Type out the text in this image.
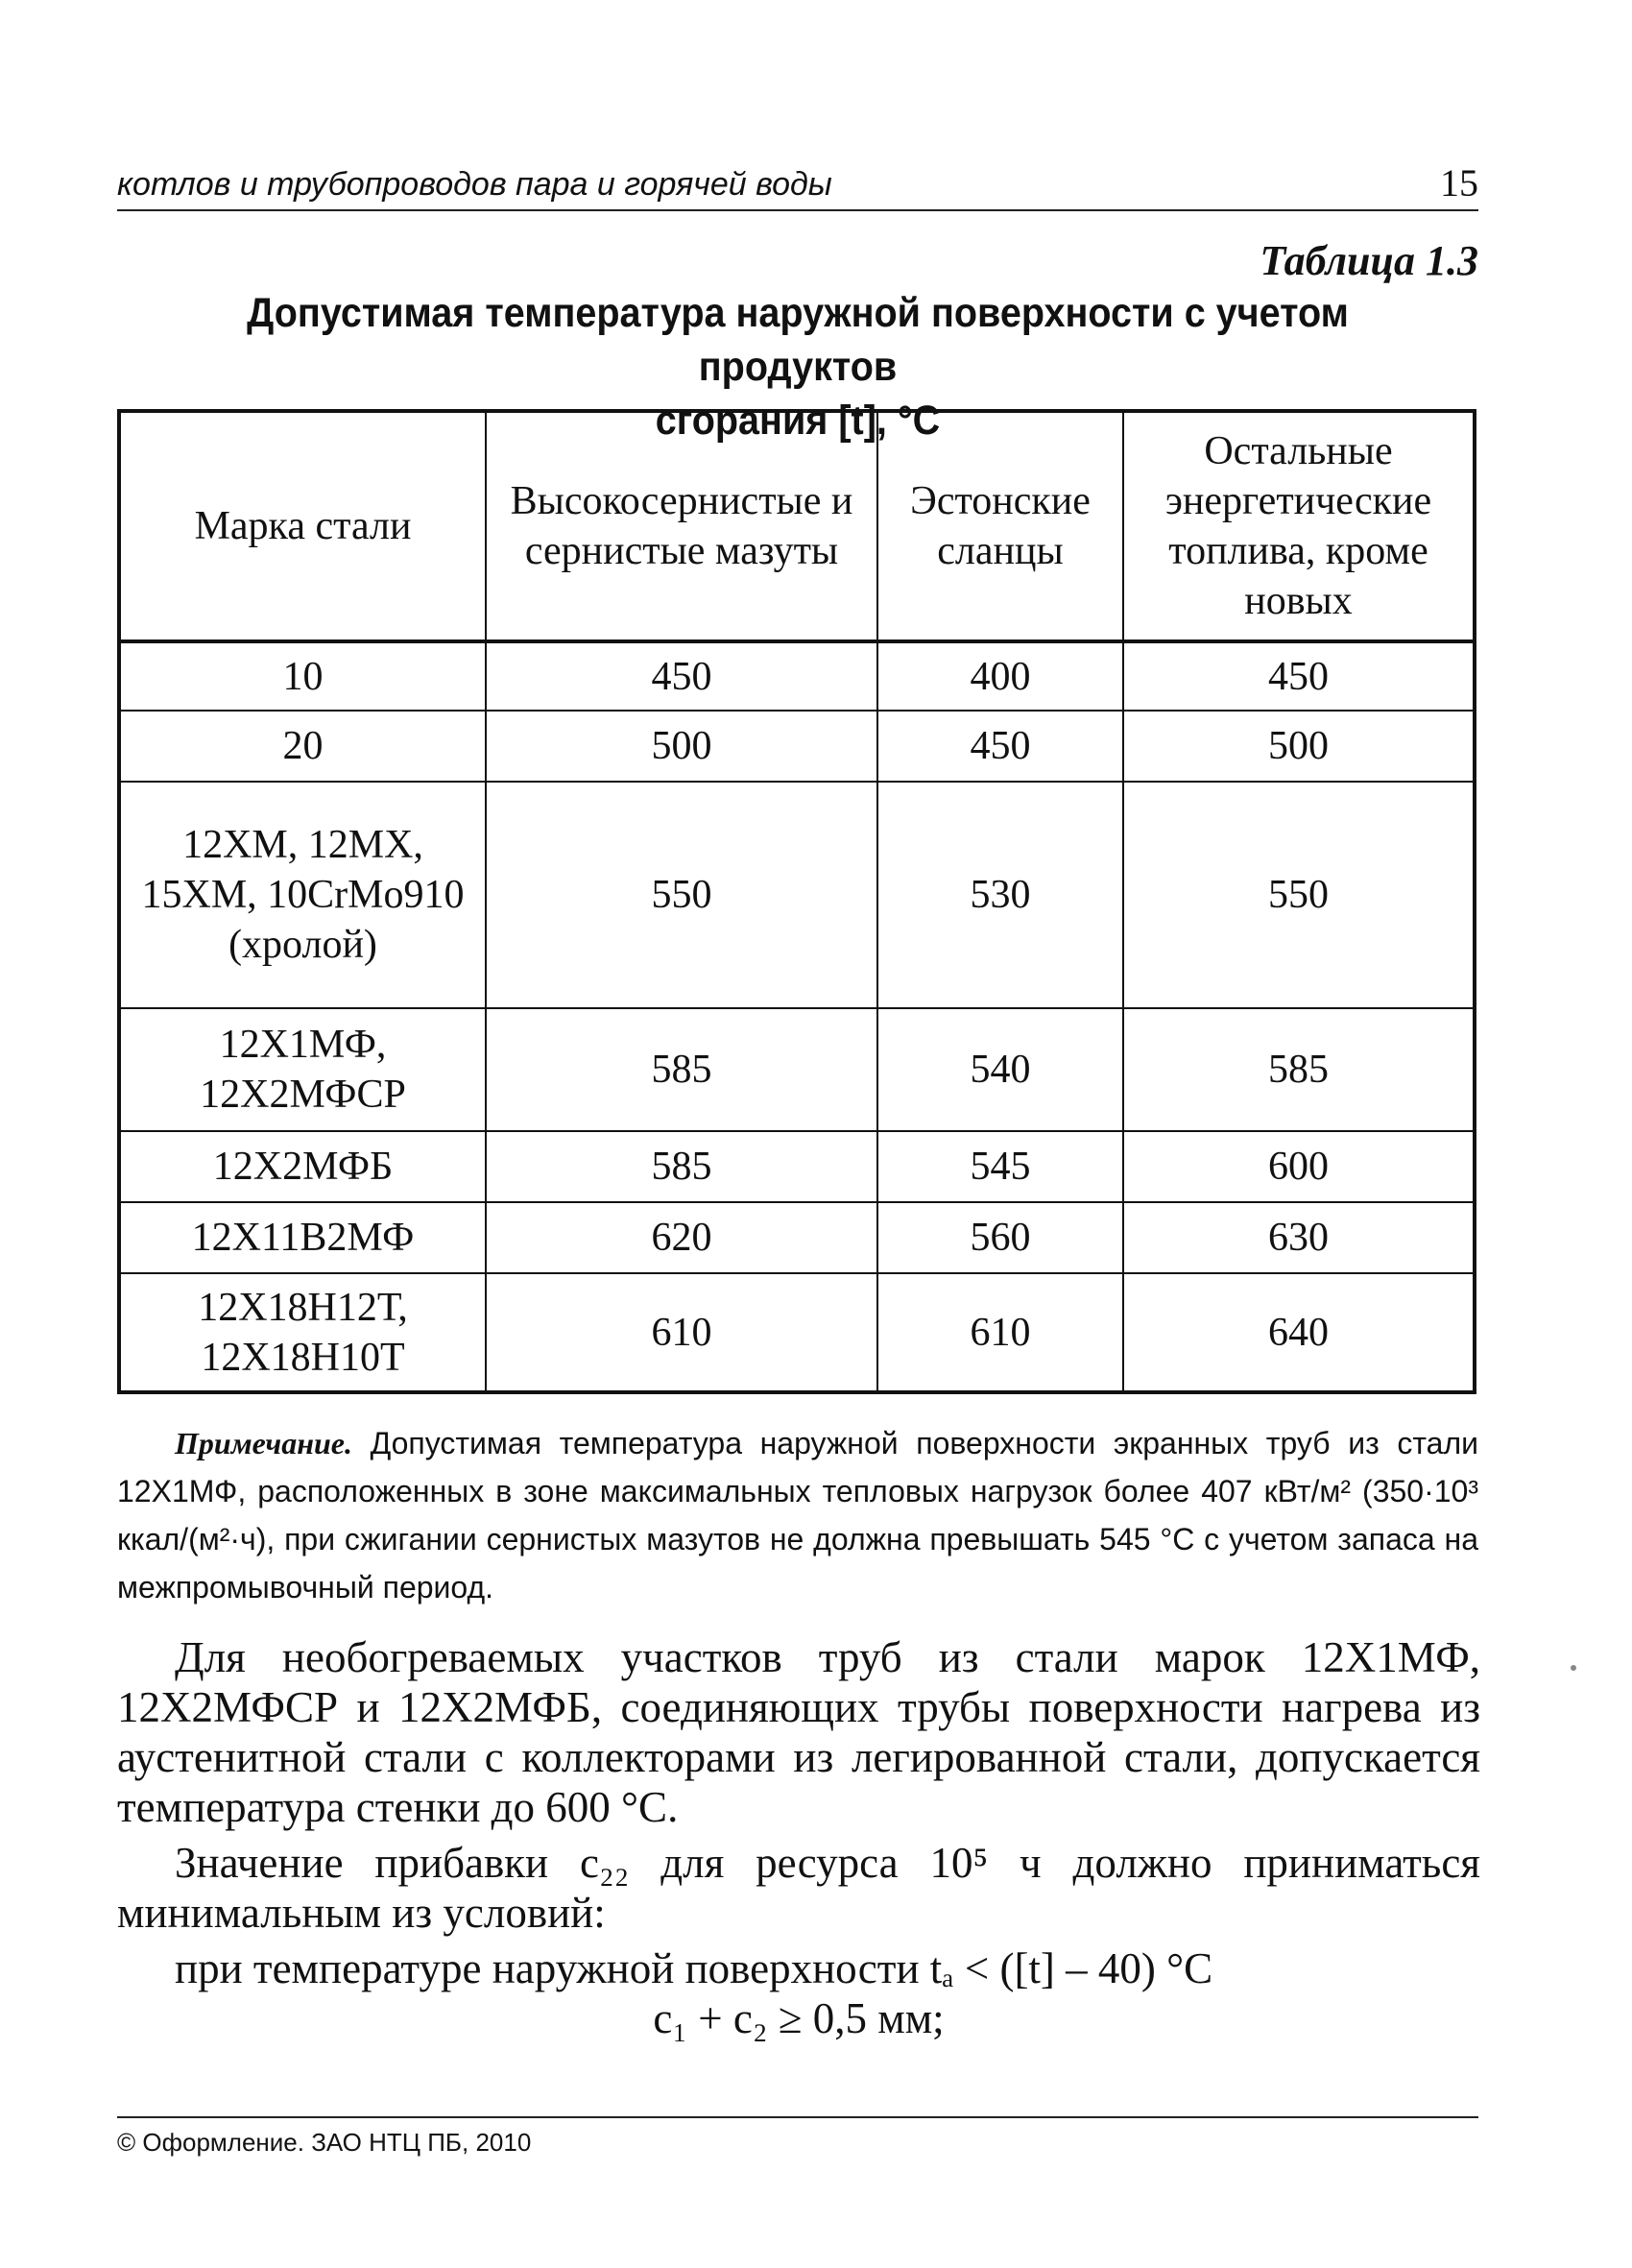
котлов и трубопроводов пара и горячей воды	15
Таблица 1.3
Допустимая температура наружной поверхности с учетом продуктов
сгорания [t], °С
Марка стали	Высокосернистые и сернистые мазуты	Эстонские сланцы	Остальные энергетические топлива, кроме новых
10	450	400	450
20	500	450	500
12ХМ, 12МХ, 15ХМ, 10CrMo910 (хролой)	550	530	550
12Х1МФ, 12Х2МФСР	585	540	585
12Х2МФБ	585	545	600
12Х11В2МФ	620	560	630
12Х18Н12Т, 12Х18Н10Т	610	610	640

Примечание. Допустимая температура наружной поверхности экранных труб из стали 12Х1МФ, расположенных в зоне максимальных тепловых нагрузок более 407 кВт/м² (350·10³ ккал/(м²·ч), при сжигании сернистых мазутов не должна превышать 545 °С с учетом запаса на межпромывочный период.

Для необогреваемых участков труб из стали марок 12Х1МФ, 12Х2МФСР и 12Х2МФБ, соединяющих трубы поверхности нагрева из аустенитной стали с коллекторами из легированной стали, допускается температура стенки до 600 °С.

Значение прибавки c₂₂ для ресурса 10⁵ ч должно приниматься минимальным из условий:

при температуре наружной поверхности tₐ < ([t] – 40) °С

c₁ + c₂ ≥ 0,5 мм;
© Оформление. ЗАО НТЦ ПБ, 2010
